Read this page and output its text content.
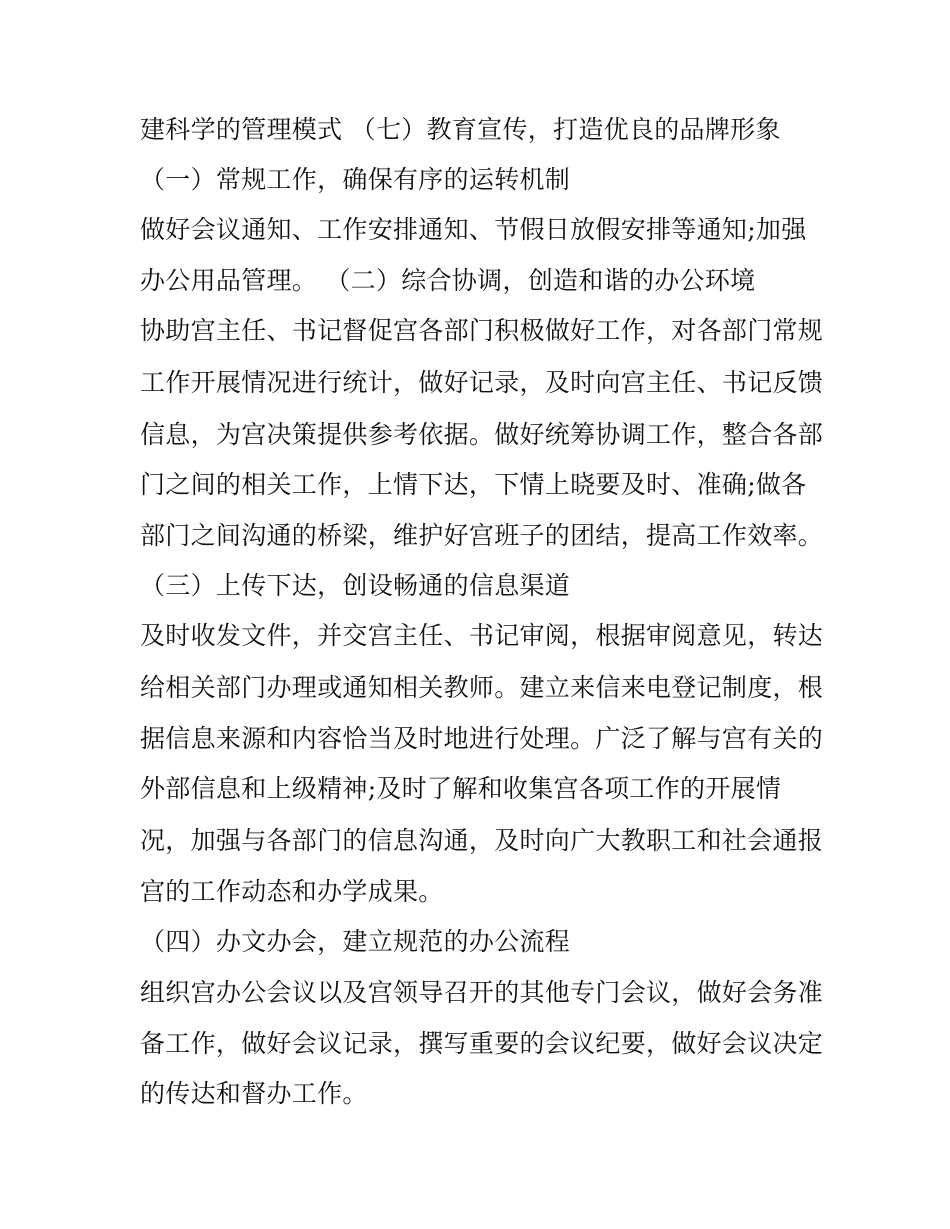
建科学的管理模式 （七）教育宣传，打造优良的品牌形象

（一）常规工作，确保有序的运转机制

做好会议通知、工作安排通知、节假日放假安排等通知;加强

办公用品管理。 （二）综合协调，创造和谐的办公环境

协助宫主任、书记督促宫各部门积极做好工作，对各部门常规

工作开展情况进行统计，做好记录，及时向宫主任、书记反馈

信息，为宫决策提供参考依据。做好统筹协调工作，整合各部

门之间的相关工作，上情下达，下情上晓要及时、准确;做各

部门之间沟通的桥梁，维护好宫班子的团结，提高工作效率。

（三）上传下达，创设畅通的信息渠道

及时收发文件，并交宫主任、书记审阅，根据审阅意见，转达

给相关部门办理或通知相关教师。建立来信来电登记制度，根

据信息来源和内容恰当及时地进行处理。广泛了解与宫有关的

外部信息和上级精神;及时了解和收集宫各项工作的开展情

况，加强与各部门的信息沟通，及时向广大教职工和社会通报

宫的工作动态和办学成果。

（四）办文办会，建立规范的办公流程

组织宫办公会议以及宫领导召开的其他专门会议，做好会务准

备工作，做好会议记录，撰写重要的会议纪要，做好会议决定

的传达和督办工作。
